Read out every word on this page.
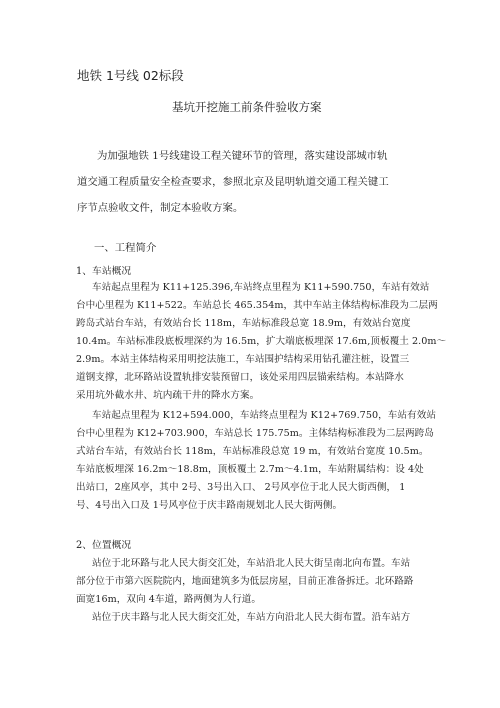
地铁 1号线 02标段
基坑开挖施工前条件验收方案
为加强地铁 1号线建设工程关键环节的管理，落实建设部城市轨
道交通工程质量安全检查要求，参照北京及昆明轨道交通工程关键工
序节点验收文件，制定本验收方案。
一、工程简介
1、车站概况
车站起点里程为 K11+125.396,车站终点里程为 K11+590.750，车站有效站
台中心里程为 K11+522。车站总长 465.354m，其中车站主体结构标准段为二层两
跨岛式站台车站，有效站台长 118m，车站标准段总宽 18.9m，有效站台宽度
10.4m。车站标准段底板埋深约为 16.5m，扩大端底板埋深 17.6m,顶板覆土 2.0m～
2.9m。本站主体结构采用明挖法施工，车站围护结构采用钻孔灌注桩，设置三
道钢支撑，北环路站设置轨排安装预留口，该处采用四层锚索结构。本站降水
采用坑外截水井、坑内疏干井的降水方案。
车站起点里程为 K12+594.000，车站终点里程为 K12+769.750，车站有效站
台中心里程为 K12+703.900，车站总长 175.75m。主体结构标准段为二层两跨岛
式站台车站，有效站台长 118m，车站标准段总宽 19 m，有效站台宽度 10.5m。
车站底板埋深 16.2m～18.8m，顶板覆土 2.7m～4.1m，车站附属结构：设 4处
出站口，2座风亭，其中 2号、3号出入口、 2号风亭位于北人民大街西侧， 1
号、4号出入口及 1号风亭位于庆丰路南规划北人民大街两侧。
2、位置概况
站位于北环路与北人民大街交汇处，车站沿北人民大街呈南北向布置。车站
部分位于市第六医院院内，地面建筑多为低层房屋，目前正准备拆迁。北环路路
面宽16m，双向 4车道，路两侧为人行道。
站位于庆丰路与北人民大街交汇处，车站方向沿北人民大街布置。沿车站方
